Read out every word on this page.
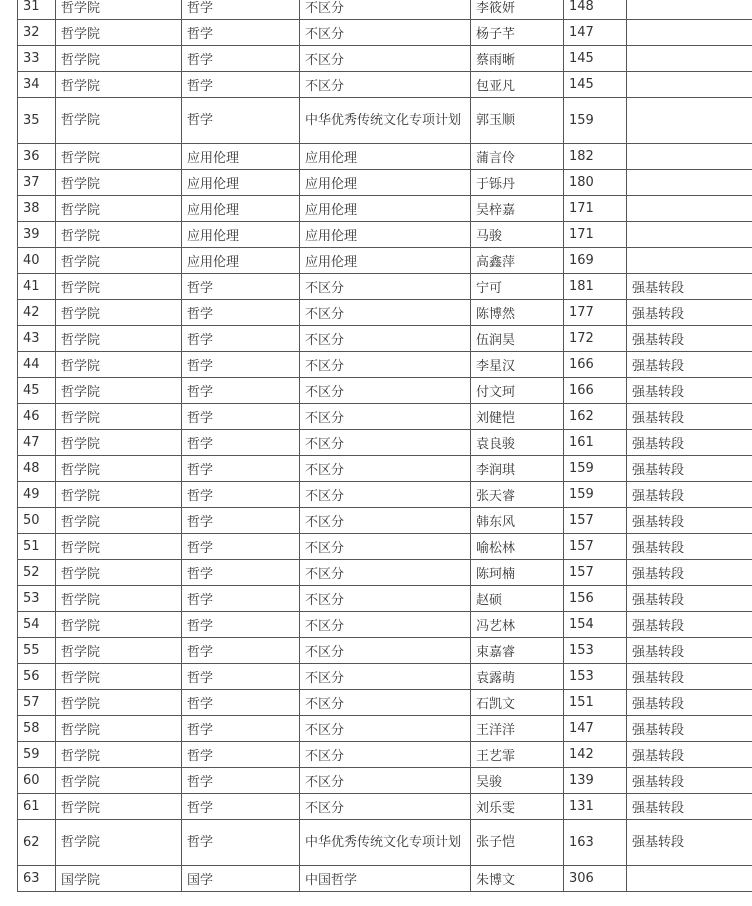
31	哲学院	哲学	不区分	李筱妍	148	
32	哲学院	哲学	不区分	杨子芊	147	
33	哲学院	哲学	不区分	蔡雨晰	145	
34	哲学院	哲学	不区分	包亚凡	145	
35	哲学院	哲学	中华优秀传统文化专项计划	郭玉顺	159	
36	哲学院	应用伦理	应用伦理	蒲言伶	182	
37	哲学院	应用伦理	应用伦理	于铄丹	180	
38	哲学院	应用伦理	应用伦理	吴梓嘉	171	
39	哲学院	应用伦理	应用伦理	马骏	171	
40	哲学院	应用伦理	应用伦理	高鑫萍	169	
41	哲学院	哲学	不区分	宁可	181	强基转段
42	哲学院	哲学	不区分	陈博然	177	强基转段
43	哲学院	哲学	不区分	伍润昊	172	强基转段
44	哲学院	哲学	不区分	李星汉	166	强基转段
45	哲学院	哲学	不区分	付文珂	166	强基转段
46	哲学院	哲学	不区分	刘健恺	162	强基转段
47	哲学院	哲学	不区分	袁良骏	161	强基转段
48	哲学院	哲学	不区分	李润琪	159	强基转段
49	哲学院	哲学	不区分	张天睿	159	强基转段
50	哲学院	哲学	不区分	韩东风	157	强基转段
51	哲学院	哲学	不区分	喻松林	157	强基转段
52	哲学院	哲学	不区分	陈珂楠	157	强基转段
53	哲学院	哲学	不区分	赵硕	156	强基转段
54	哲学院	哲学	不区分	冯艺林	154	强基转段
55	哲学院	哲学	不区分	束嘉睿	153	强基转段
56	哲学院	哲学	不区分	袁露萌	153	强基转段
57	哲学院	哲学	不区分	石凯文	151	强基转段
58	哲学院	哲学	不区分	王洋洋	147	强基转段
59	哲学院	哲学	不区分	王艺霏	142	强基转段
60	哲学院	哲学	不区分	吴骏	139	强基转段
61	哲学院	哲学	不区分	刘乐雯	131	强基转段
62	哲学院	哲学	中华优秀传统文化专项计划	张子恺	163	强基转段
63	国学院	国学	中国哲学	朱博文	306	
